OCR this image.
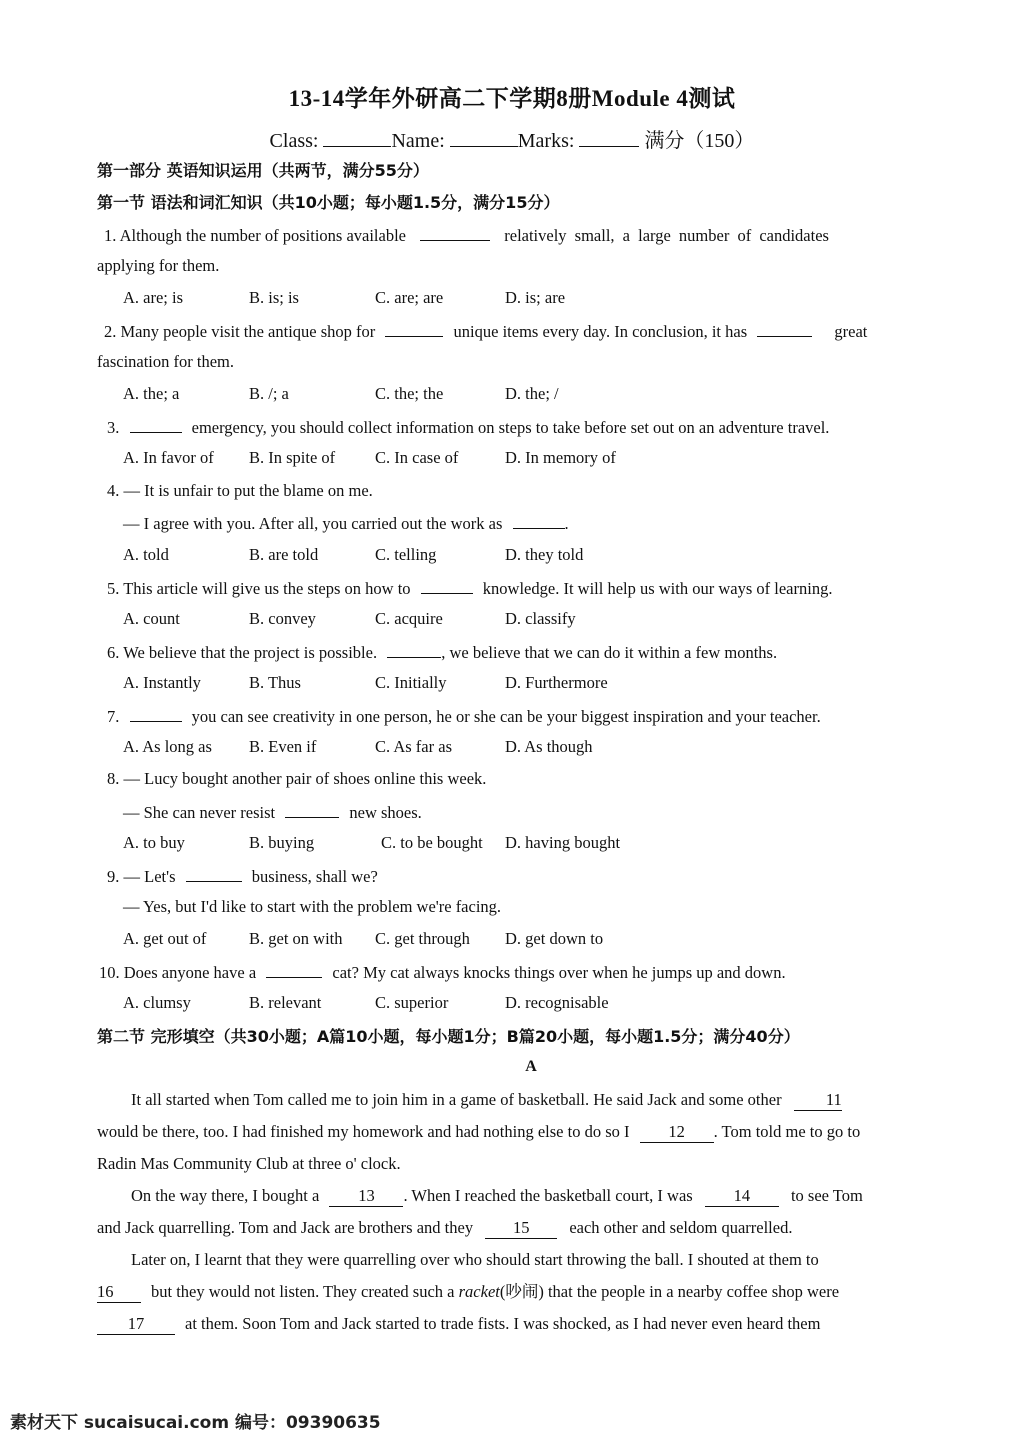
13-14学年外研高二下学期8册Module 4测试
Class:	Name:	Marks:	满分（150）
第一部分 英语知识运用（共两节，满分55分）
第一节 语法和词汇知识（共10小题；每小题1.5分，满分15分）
1. Although the number of positions available	relatively small, a large number of candidates
applying for them.
A. are; is	B. is; is	C. are; are	D. is; are
2. Many people visit the antique shop for	unique items every day. In conclusion, it has	great
fascination for them.
A. the; a	B. /; a	C. the; the	D. the; /
3.	emergency, you should collect information on steps to take before set out on an adventure travel.
A. In favor of B. In spite of C. In case of	D. In memory of
4. — It is unfair to put the blame on me.
— I agree with you. After all, you carried out the work as	.
A. told	B. are told	C. telling	D. they told
5. This article will give us the steps on how to	knowledge. It will help us with our ways of learning.
A. count	B. convey	C. acquire	D. classify
6. We believe that the project is possible.	, we believe that we can do it within a few months.
A. Instantly	B. Thus	C. Initially	D. Furthermore
7.	you can see creativity in one person, he or she can be your biggest inspiration and your teacher.
A. As long as B. Even if	C. As far as	D. As though
8. — Lucy bought another pair of shoes online this week.
— She can never resist	new shoes.
A. to buy	B. buying	C. to be bought D. having bought
9. — Let's	business, shall we?
— Yes, but I'd like to start with the problem we're facing.
A. get out of	B. get on with C. get through D. get down to
10. Does anyone have a	cat? My cat always knocks things over when he jumps up and down.
A. clumsy	B. relevant	C. superior	D. recognisable
第二节 完形填空（共30小题；A篇10小题，每小题1分；B篇20小题，每小题1.5分；满分40分）
A
It all started when Tom called me to join him in a game of basketball. He said Jack and some other	11
would be there, too. I had finished my homework and had nothing else to do so I 12 . Tom told me to go to
Radin Mas Community Club at three o' clock.
On the way there, I bought a 13 . When I reached the basketball court, I was 14 to see Tom
and Jack quarrelling. Tom and Jack are brothers and they 15 each other and seldom quarrelled.
Later on, I learnt that they were quarrelling over who should start throwing the ball. I shouted at them to
16 but they would not listen. They created such a racket(吵闹) that the people in a nearby coffee shop were
17 at them. Soon Tom and Jack started to trade fists. I was shocked, as I had never even heard them
素材天下 sucaisucai.com 编号：09390635
